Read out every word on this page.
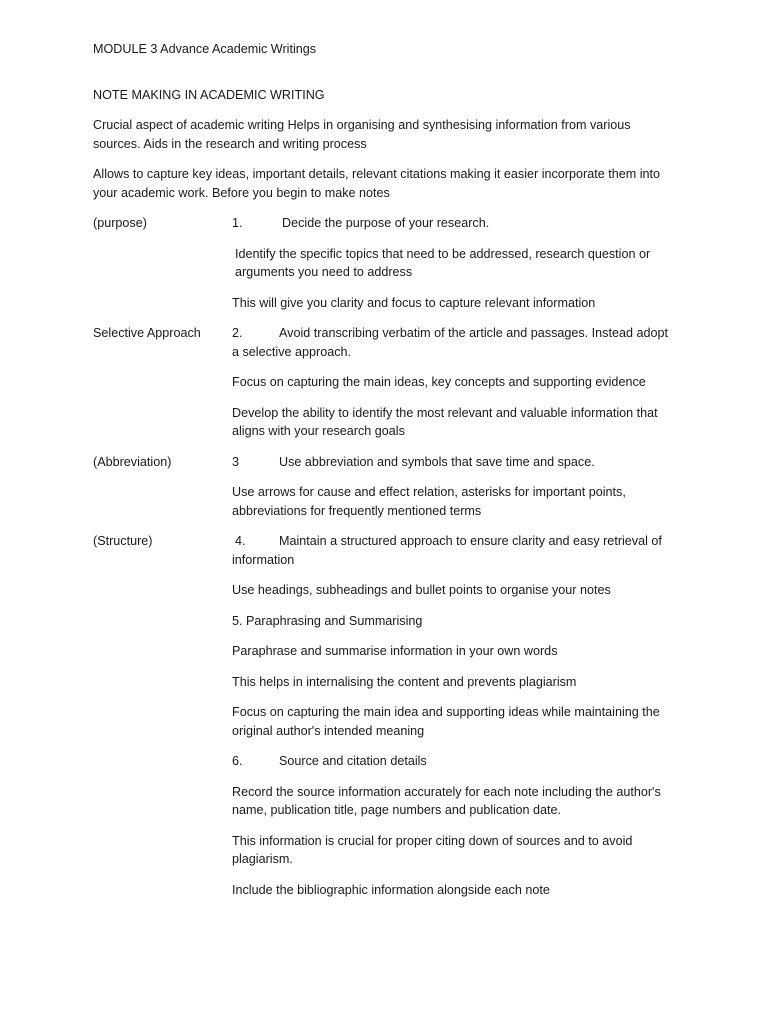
MODULE 3 Advance Academic Writings
NOTE MAKING IN ACADEMIC WRITING
Crucial aspect of academic writing Helps in organising and synthesising information from various sources. Aids in the research and writing process
Allows to capture key ideas, important details, relevant citations making it easier incorporate them into your academic work. Before you begin to make notes
(purpose)	1.	Decide the purpose of your research.
Identify the specific topics that need to be addressed, research question or arguments you need to address
This will give you clarity and focus to capture relevant information
Selective Approach 2.	Avoid transcribing verbatim of the article and passages. Instead adopt a selective approach.
Focus on capturing the main ideas, key concepts and supporting evidence
Develop the ability to identify the most relevant and valuable information that aligns with your research goals
(Abbreviation)	3	Use abbreviation and symbols that save time and space.
Use arrows for cause and effect relation, asterisks for important points, abbreviations for frequently mentioned terms
(Structure)	4.	Maintain a structured approach to ensure clarity and easy retrieval of information
Use headings, subheadings and bullet points to organise your notes
5. Paraphrasing and Summarising
Paraphrase and summarise information in your own words
This helps in internalising the content and prevents plagiarism
Focus on capturing the main idea and supporting ideas while maintaining the original author's intended meaning
6.	Source and citation details
Record the source information accurately for each note including the author's name, publication title, page numbers and publication date.
This information is crucial for proper citing down of sources and to avoid plagiarism.
Include the bibliographic information alongside each note
